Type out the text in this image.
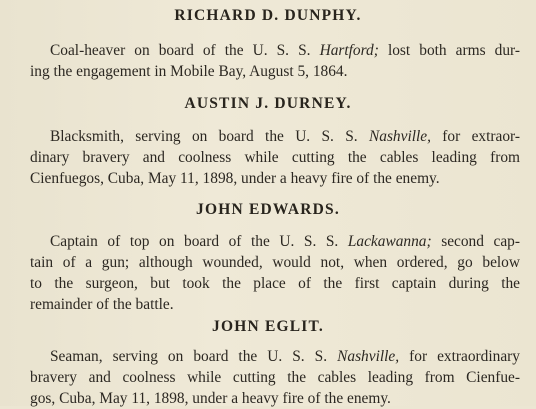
RICHARD D. DUNPHY.
Coal-heaver on board of the U. S. S. Hartford; lost both arms dur-
ing the engagement in Mobile Bay, August 5, 1864.
AUSTIN J. DURNEY.
Blacksmith, serving on board the U. S. S. Nashville, for extraor-
dinary bravery and coolness while cutting the cables leading from
Cienfuegos, Cuba, May 11, 1898, under a heavy fire of the enemy.
JOHN EDWARDS.
Captain of top on board of the U. S. S. Lackawanna; second cap-
tain of a gun; although wounded, would not, when ordered, go below
to the surgeon, but took the place of the first captain during the
remainder of the battle.
JOHN EGLIT.
Seaman, serving on board the U. S. S. Nashville, for extraordinary
bravery and coolness while cutting the cables leading from Cienfue-
gos, Cuba, May 11, 1898, under a heavy fire of the enemy.
